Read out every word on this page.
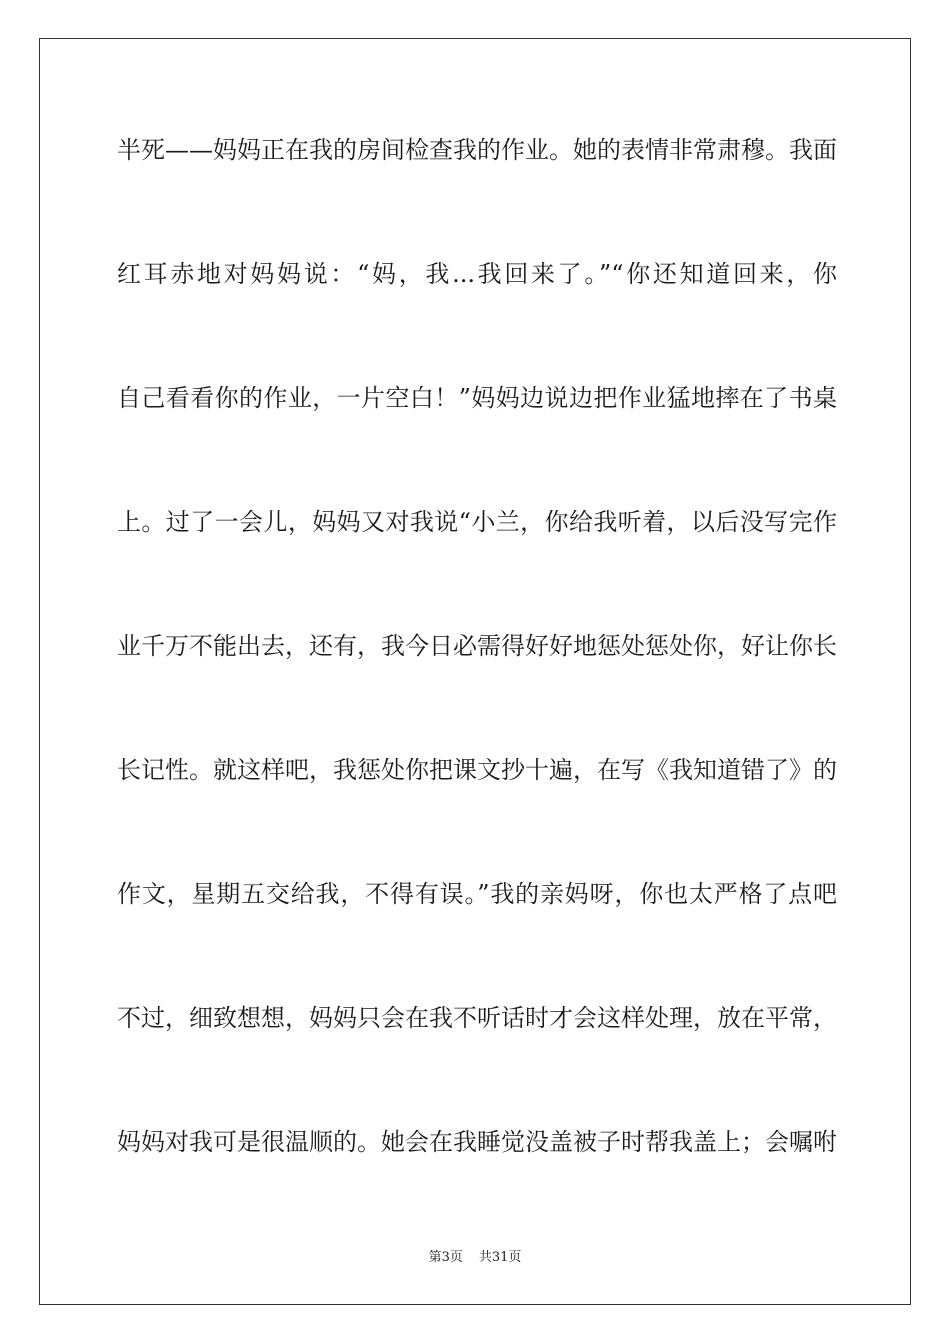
半死——妈妈正在我的房间检查我的作业。她的表情非常肃穆。我面
红耳赤地对妈妈说：“妈，我...我回来了。”“你还知道回来，你
自己看看你的作业，一片空白！”妈妈边说边把作业猛地摔在了书桌
上。过了一会儿，妈妈又对我说“小兰，你给我听着，以后没写完作
业千万不能出去，还有，我今日必需得好好地惩处惩处你，好让你长
长记性。就这样吧，我惩处你把课文抄十遍，在写《我知道错了》的
作文，星期五交给我，不得有误。”我的亲妈呀，你也太严格了点吧
不过，细致想想，妈妈只会在我不听话时才会这样处理，放在平常，
妈妈对我可是很温顺的。她会在我睡觉没盖被子时帮我盖上；会嘱咐
第3页 共31页
